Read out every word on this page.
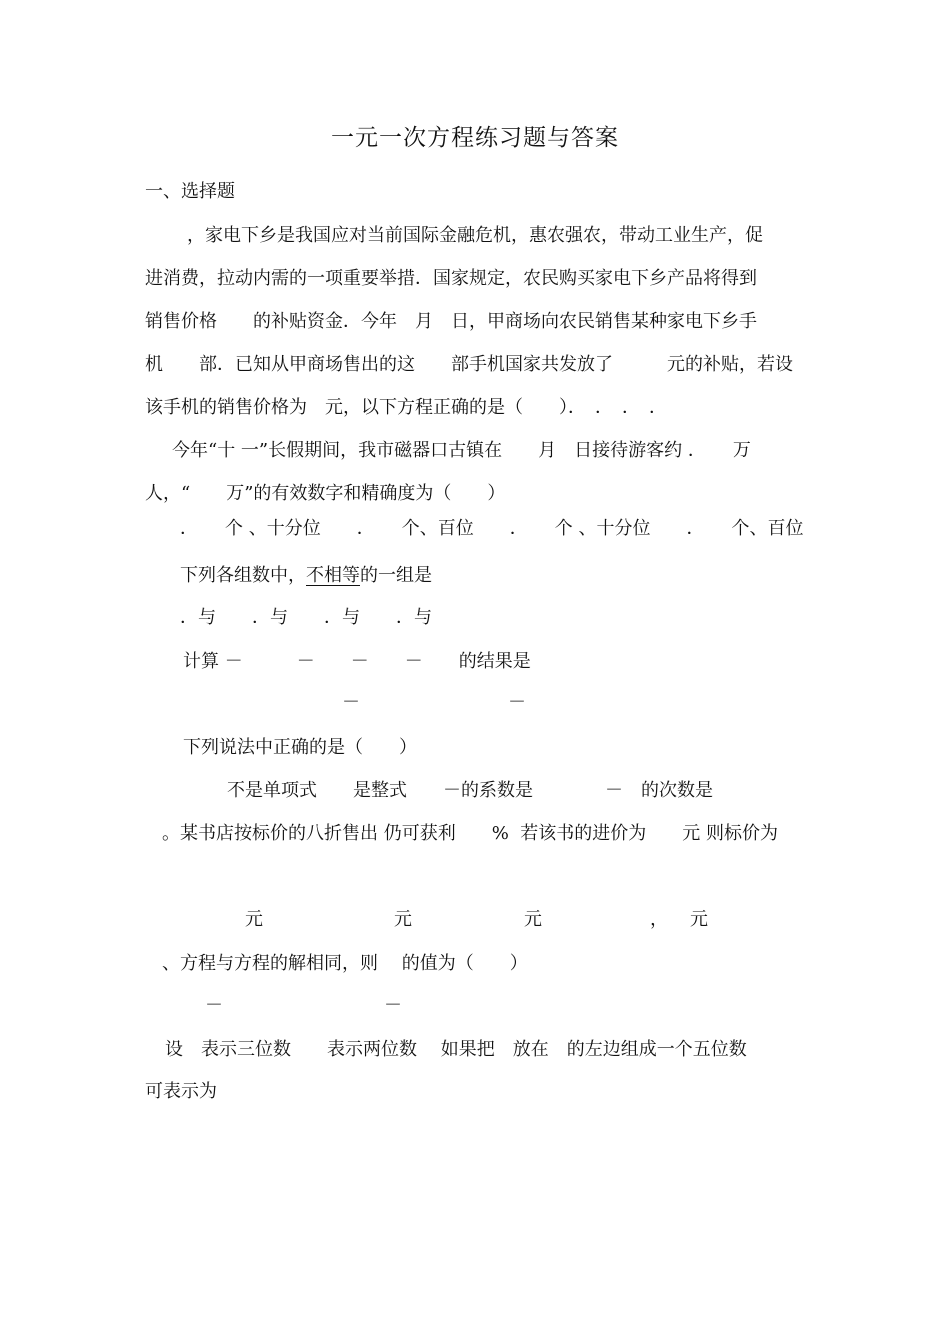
一元一次方程练习题与答案
一、选择题
，家电下乡是我国应对当前国际金融危机，惠农强农，带动工业生产，促
进消费，拉动内需的一项重要举措．国家规定，农民购买家电下乡产品将得到
销售价格　　的补贴资金．今年　月　日，甲商场向农民销售某种家电下乡手
机　　部．已知从甲商场售出的这　　部手机国家共发放了　　　元的补贴，若设
该手机的销售价格为　元，以下方程正确的是（　　）．　．　．　．
今年“十 一”长假期间，我市磁器口古镇在　　月　日接待游客约 ．　　万
人，“　　万”的有效数字和精确度为（　　）
．　　个 、十分位　　．　　个、百位　　．　　个 、十分位　　．　　个、百位
下列各组数中，不相等的一组是
．与　　．与　　．与　　．与
计算 －　　　－　　－　　－　　的结果是
－	－
下列说法中正确的是（　　）
不是单项式　　是整式　　－的系数是　　　　－　的次数是
。某书店按标价的八折售出 仍可获利　　%  若该书的进价为　　元 则标价为
元	元	元	， 元
、方程与方程的解相同，则　 的值为（　　）
－	－
设　表示三位数　　表示两位数　 如果把　放在　的左边组成一个五位数
可表示为
